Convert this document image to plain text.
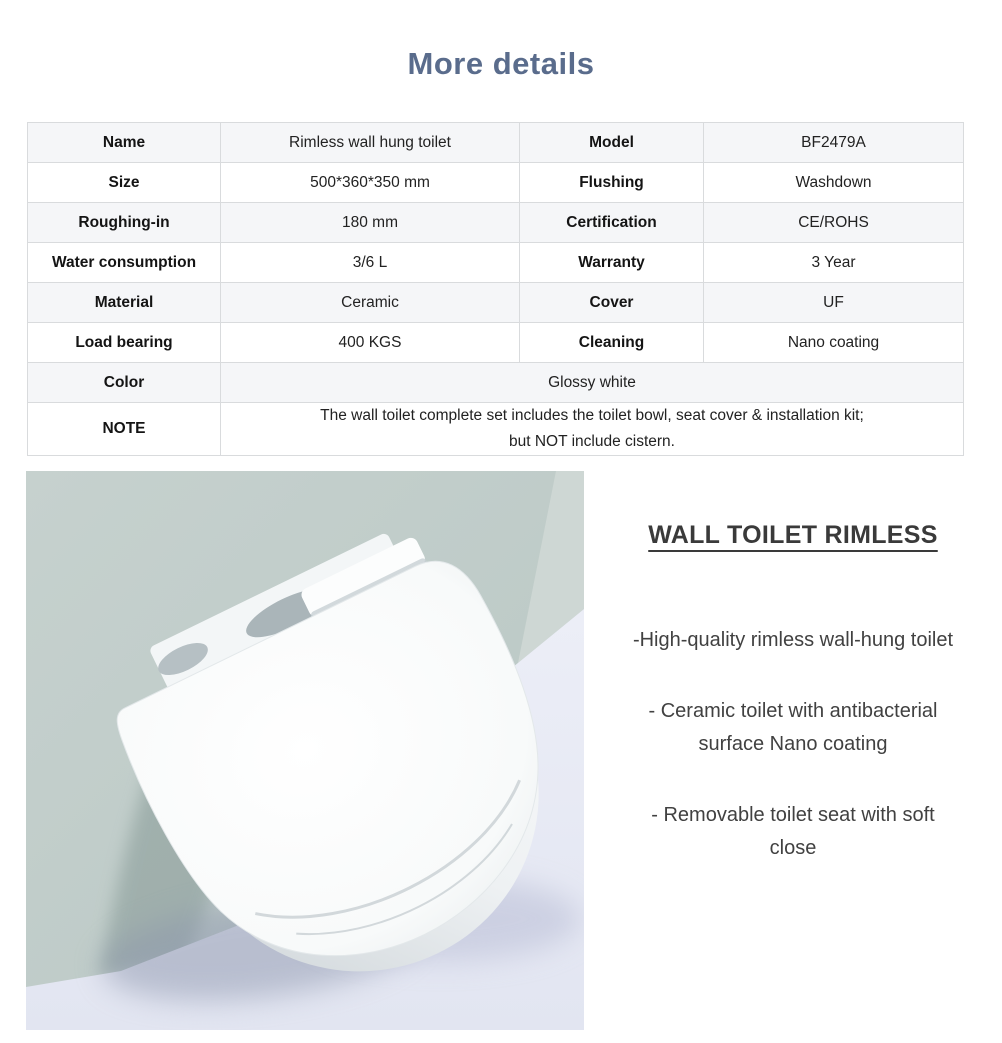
More details
Name	Rimless wall hung toilet	Model	BF2479A
Size	500*360*350 mm	Flushing	Washdown
Roughing-in	180 mm	Certification	CE/ROHS
Water consumption	3/6 L	Warranty	3 Year
Material	Ceramic	Cover	UF
Load bearing	400 KGS	Cleaning	Nano coating
Color	Glossy white		
NOTE	The wall toilet complete set includes the toilet bowl, seat cover & installation kit;
but NOT include cistern.		
WALL TOILET RIMLESS

-High-quality rimless wall-hung toilet

- Ceramic toilet with antibacterial
surface Nano coating

- Removable toilet seat with soft
close
